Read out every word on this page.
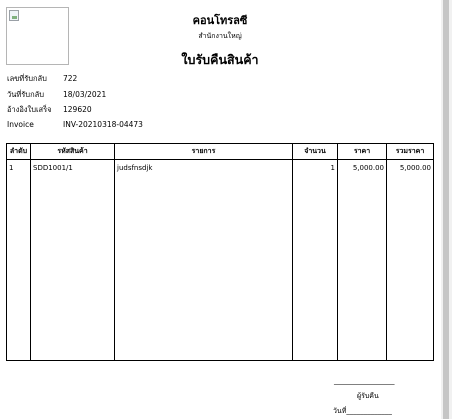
คอนโทรลซี
สำนักงานใหญ่
ใบรับคืนสินค้า
เลขที่รับกลับ 722
วันที่รับกลับ	18/03/2021
อ้างอิงใบเสร็จ 129620
Invoice	INV-20210318-04473
ลำดับ	รหัสสินค้า	รายการ	จำนวน	ราคา	รวมราคา
1	SDD1001/1	judsfnsdjk	1	5,000.00	5,000.00

____________________
ผู้รับคืน
วันที่_____________
